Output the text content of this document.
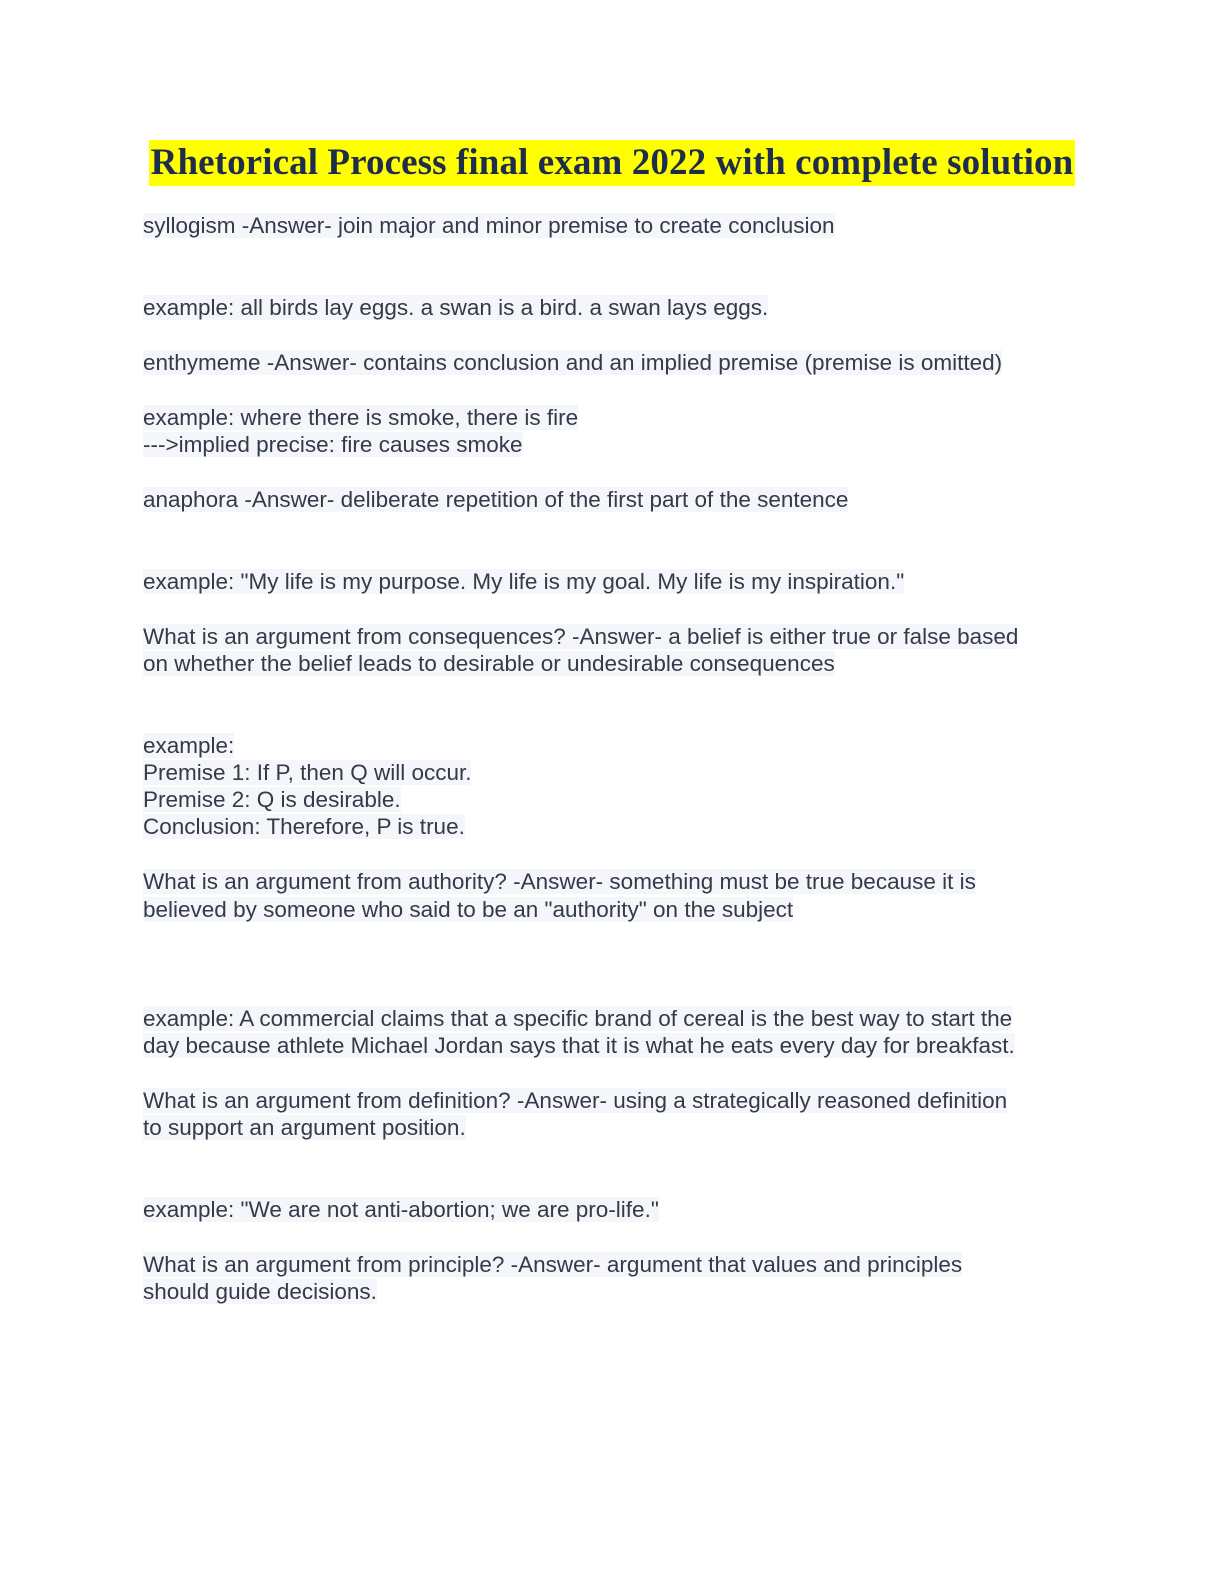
Rhetorical Process final exam 2022 with complete solution
syllogism -Answer- join major and minor premise to create conclusion
example: all birds lay eggs. a swan is a bird. a swan lays eggs.
enthymeme -Answer- contains conclusion and an implied premise (premise is omitted)
example: where there is smoke, there is fire
--->implied precise: fire causes smoke
anaphora -Answer- deliberate repetition of the first part of the sentence
example: "My life is my purpose. My life is my goal. My life is my inspiration."
What is an argument from consequences? -Answer- a belief is either true or false based
on whether the belief leads to desirable or undesirable consequences
example:
Premise 1: If P, then Q will occur.
Premise 2: Q is desirable.
Conclusion: Therefore, P is true.
What is an argument from authority? -Answer- something must be true because it is
believed by someone who said to be an "authority" on the subject
example: A commercial claims that a specific brand of cereal is the best way to start the
day because athlete Michael Jordan says that it is what he eats every day for breakfast.
What is an argument from definition? -Answer- using a strategically reasoned definition
to support an argument position.
example: "We are not anti-abortion; we are pro-life."
What is an argument from principle? -Answer- argument that values and principles
should guide decisions.
